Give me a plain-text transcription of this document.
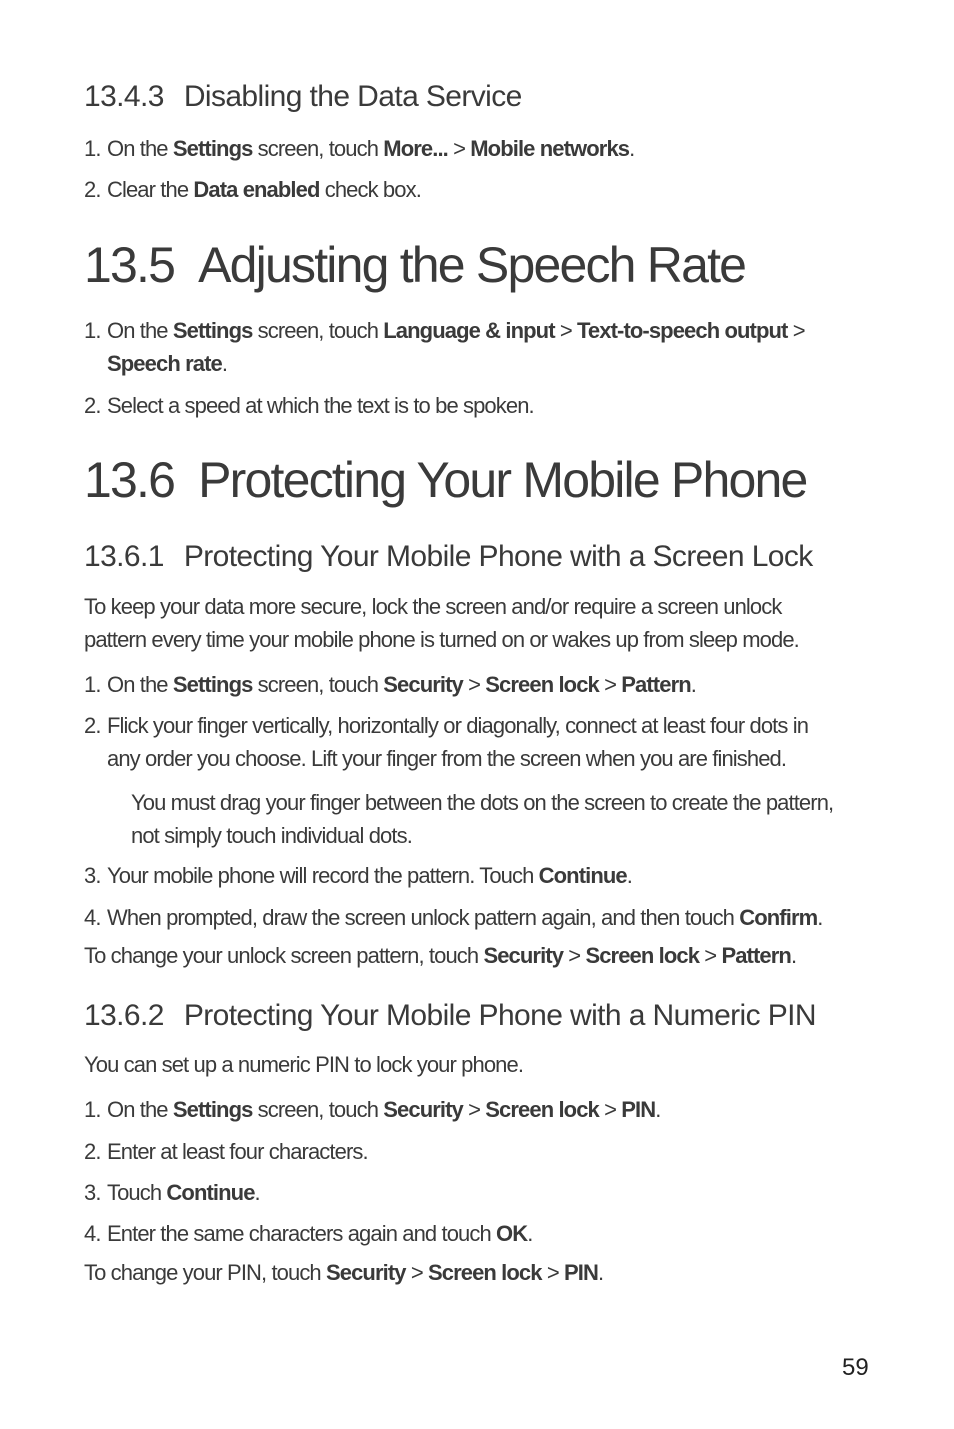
13.4.3 Disabling the Data Service

1. On the Settings screen, touch More... > Mobile networks.

2. Clear the Data enabled check box.

13.5 Adjusting the Speech Rate

1. On the Settings screen, touch Language & input > Text-to-speech output >
Speech rate.

2. Select a speed at which the text is to be spoken.

13.6 Protecting Your Mobile Phone
13.6.1 Protecting Your Mobile Phone with a Screen Lock

To keep your data more secure, lock the screen and/or require a screen unlock
pattern every time your mobile phone is turned on or wakes up from sleep mode.

1. On the Settings screen, touch Security > Screen lock > Pattern.

2. Flick your finger vertically, horizontally or diagonally, connect at least four dots in
any order you choose. Lift your finger from the screen when you are finished.

You must drag your finger between the dots on the screen to create the pattern,
not simply touch individual dots.

3. Your mobile phone will record the pattern. Touch Continue.

4. When prompted, draw the screen unlock pattern again, and then touch Confirm.

To change your unlock screen pattern, touch Security > Screen lock > Pattern.

13.6.2 Protecting Your Mobile Phone with a Numeric PIN

You can set up a numeric PIN to lock your phone.

1. On the Settings screen, touch Security > Screen lock > PIN.

2. Enter at least four characters.

3. Touch Continue.

4. Enter the same characters again and touch OK.

To change your PIN, touch Security > Screen lock > PIN.

59
